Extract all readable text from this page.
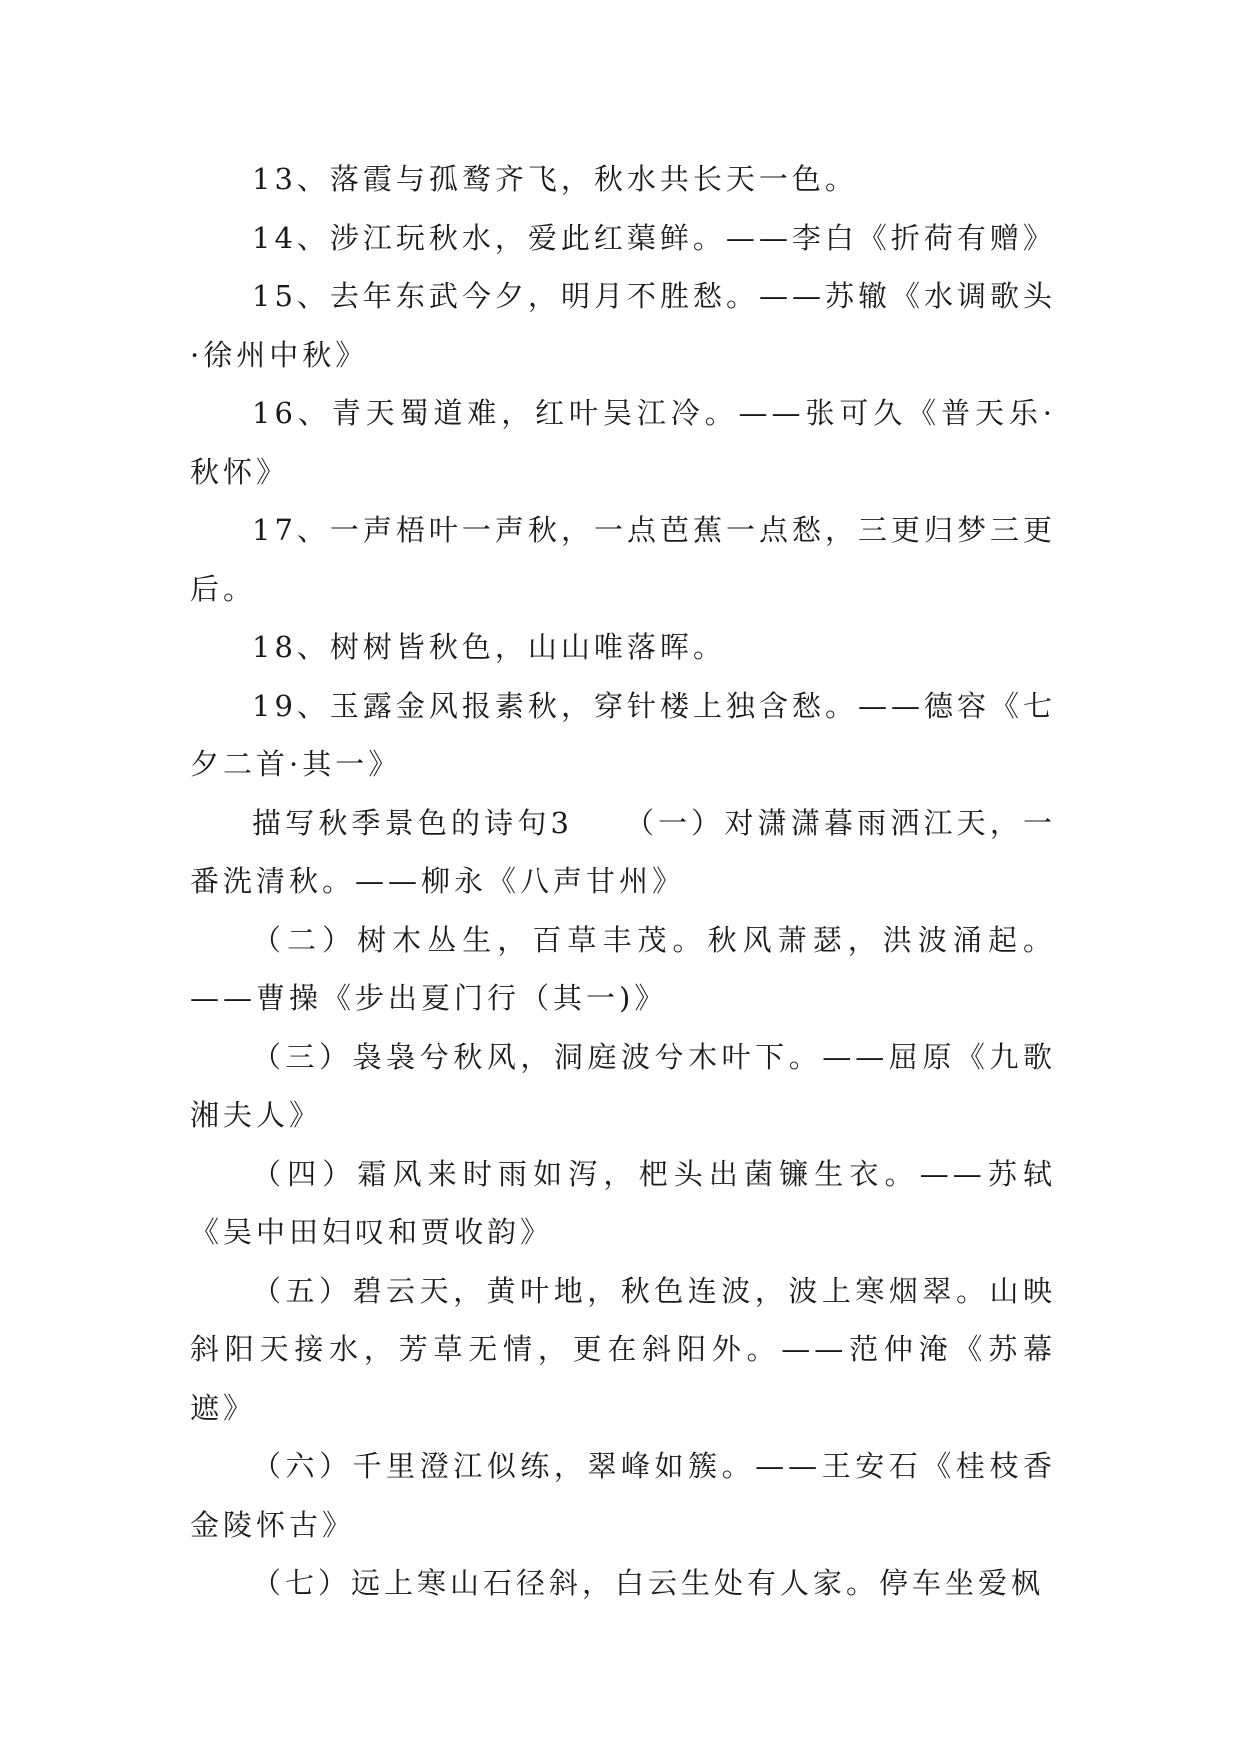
13、落霞与孤鹜齐飞，秋水共长天一色。

14、涉江玩秋水，爱此红蕖鲜。——李白《折荷有赠》

15、去年东武今夕，明月不胜愁。——苏辙《水调歌头·徐州中秋》

16、青天蜀道难，红叶吴江冷。——张可久《普天乐·秋怀》

17、一声梧叶一声秋，一点芭蕉一点愁，三更归梦三更后。

18、树树皆秋色，山山唯落晖。

19、玉露金风报素秋，穿针楼上独含愁。——德容《七夕二首·其一》

描写秋季景色的诗句3　　（一）对潇潇暮雨洒江天，一番洗清秋。——柳永《八声甘州》

（二）树木丛生，百草丰茂。秋风萧瑟，洪波涌起。——曹操《步出夏门行（其一)》

（三）袅袅兮秋风，洞庭波兮木叶下。——屈原《九歌湘夫人》

（四）霜风来时雨如泻，杷头出菌镰生衣。——苏轼《吴中田妇叹和贾收韵》

（五）碧云天，黄叶地，秋色连波，波上寒烟翠。山映斜阳天接水，芳草无情，更在斜阳外。——范仲淹《苏幕遮》

（六）千里澄江似练，翠峰如簇。——王安石《桂枝香金陵怀古》

（七）远上寒山石径斜，白云生处有人家。停车坐爱枫
